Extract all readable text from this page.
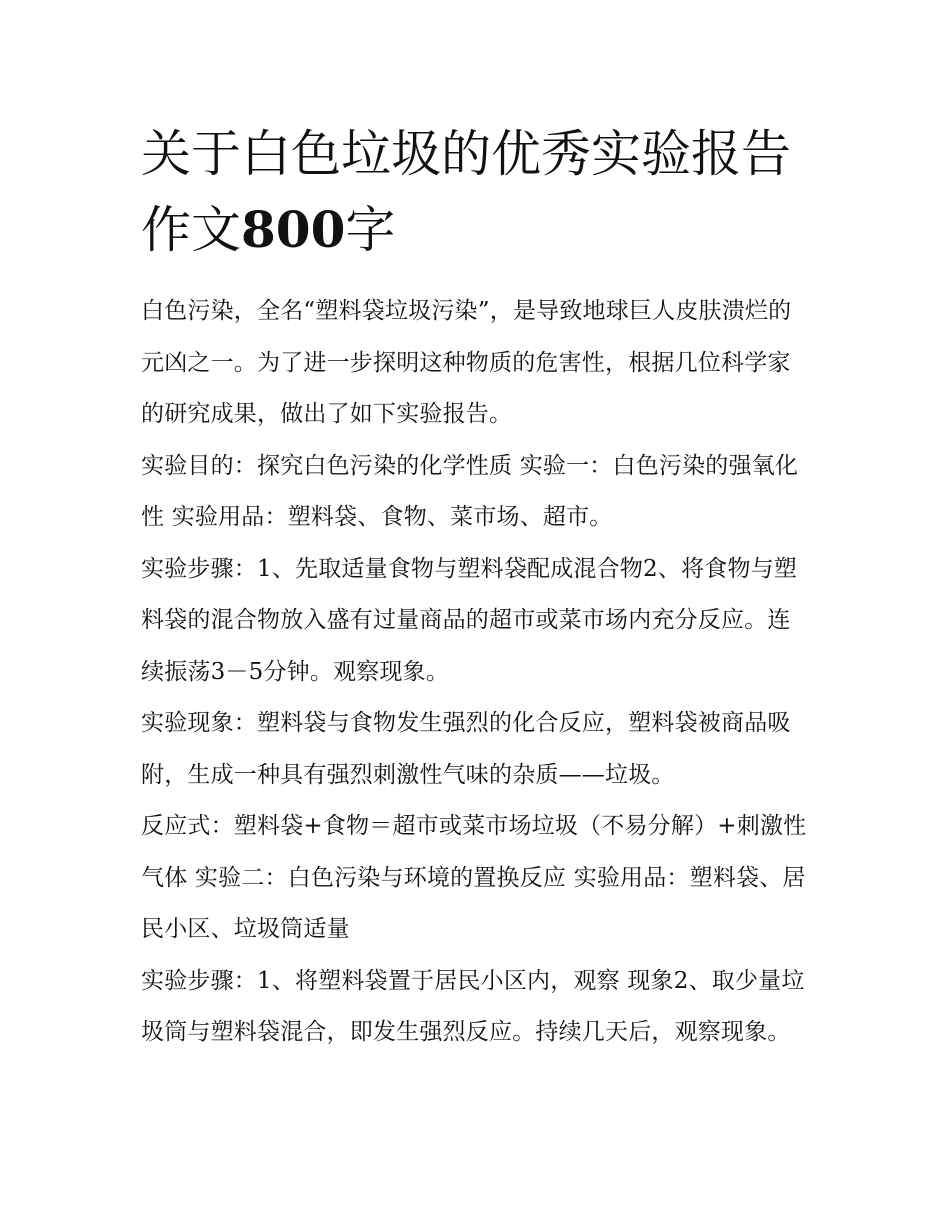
关于白色垃圾的优秀实验报告作文800字

白色污染，全名“塑料袋垃圾污染”，是导致地球巨人皮肤溃烂的元凶之一。为了进一步探明这种物质的危害性，根据几位科学家的研究成果，做出了如下实验报告。

实验目的：探究白色污染的化学性质 实验一：白色污染的强氧化性 实验用品：塑料袋、食物、菜市场、超市。

实验步骤：1、先取适量食物与塑料袋配成混合物2、将食物与塑料袋的混合物放入盛有过量商品的超市或菜市场内充分反应。连续振荡3－5分钟。观察现象。

实验现象：塑料袋与食物发生强烈的化合反应，塑料袋被商品吸附，生成一种具有强烈刺激性气味的杂质——垃圾。

反应式：塑料袋+食物＝超市或菜市场垃圾（不易分解）+刺激性气体 实验二：白色污染与环境的置换反应 实验用品：塑料袋、居民小区、垃圾筒适量

实验步骤：1、将塑料袋置于居民小区内，观察 现象2、取少量垃圾筒与塑料袋混合，即发生强烈反应。持续几天后，观察现象。
